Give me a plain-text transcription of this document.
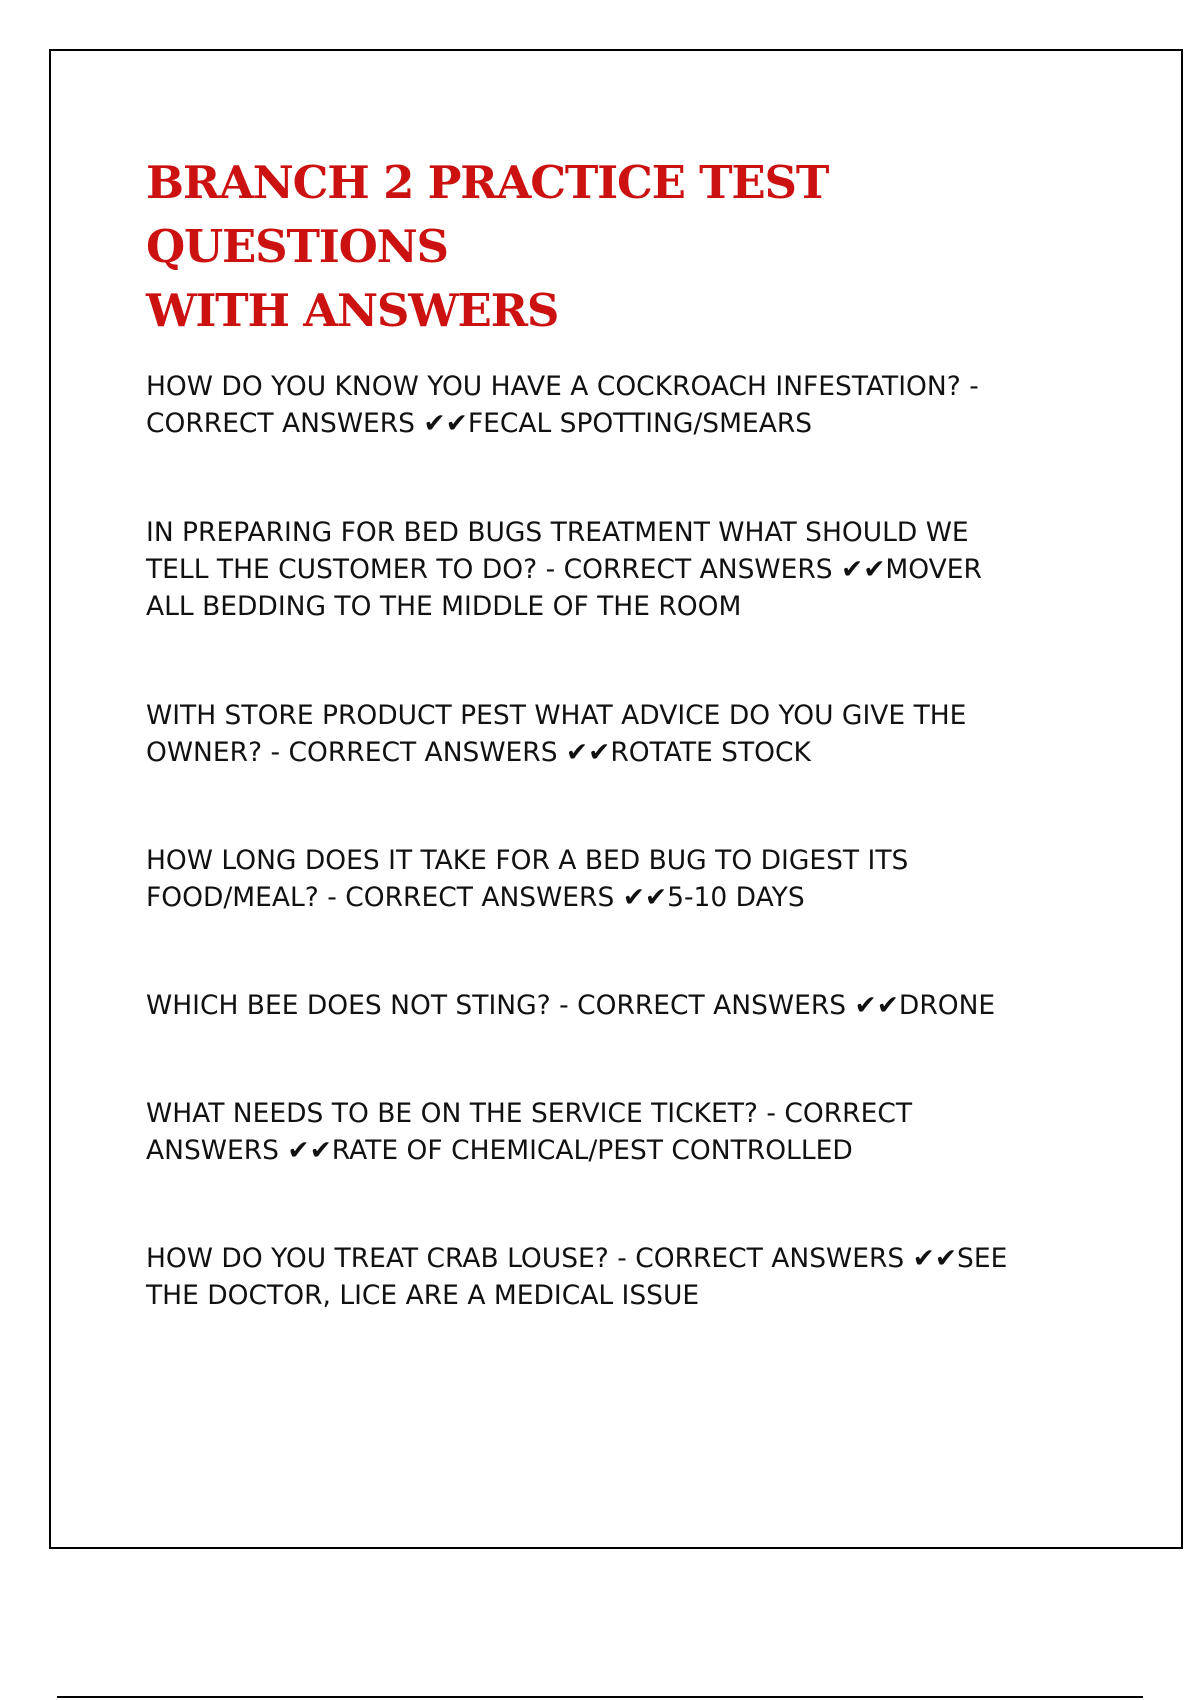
BRANCH 2 PRACTICE TEST QUESTIONS
WITH ANSWERS

HOW DO YOU KNOW YOU HAVE A COCKROACH INFESTATION? -
CORRECT ANSWERS ✔✔FECAL SPOTTING/SMEARS

IN PREPARING FOR BED BUGS TREATMENT WHAT SHOULD WE
TELL THE CUSTOMER TO DO? - CORRECT ANSWERS ✔✔MOVER
ALL BEDDING TO THE MIDDLE OF THE ROOM

WITH STORE PRODUCT PEST WHAT ADVICE DO YOU GIVE THE
OWNER? - CORRECT ANSWERS ✔✔ROTATE STOCK

HOW LONG DOES IT TAKE FOR A BED BUG TO DIGEST ITS
FOOD/MEAL? - CORRECT ANSWERS ✔✔5-10 DAYS

WHICH BEE DOES NOT STING? - CORRECT ANSWERS ✔✔DRONE

WHAT NEEDS TO BE ON THE SERVICE TICKET? - CORRECT
ANSWERS ✔✔RATE OF CHEMICAL/PEST CONTROLLED

HOW DO YOU TREAT CRAB LOUSE? - CORRECT ANSWERS ✔✔SEE
THE DOCTOR, LICE ARE A MEDICAL ISSUE
